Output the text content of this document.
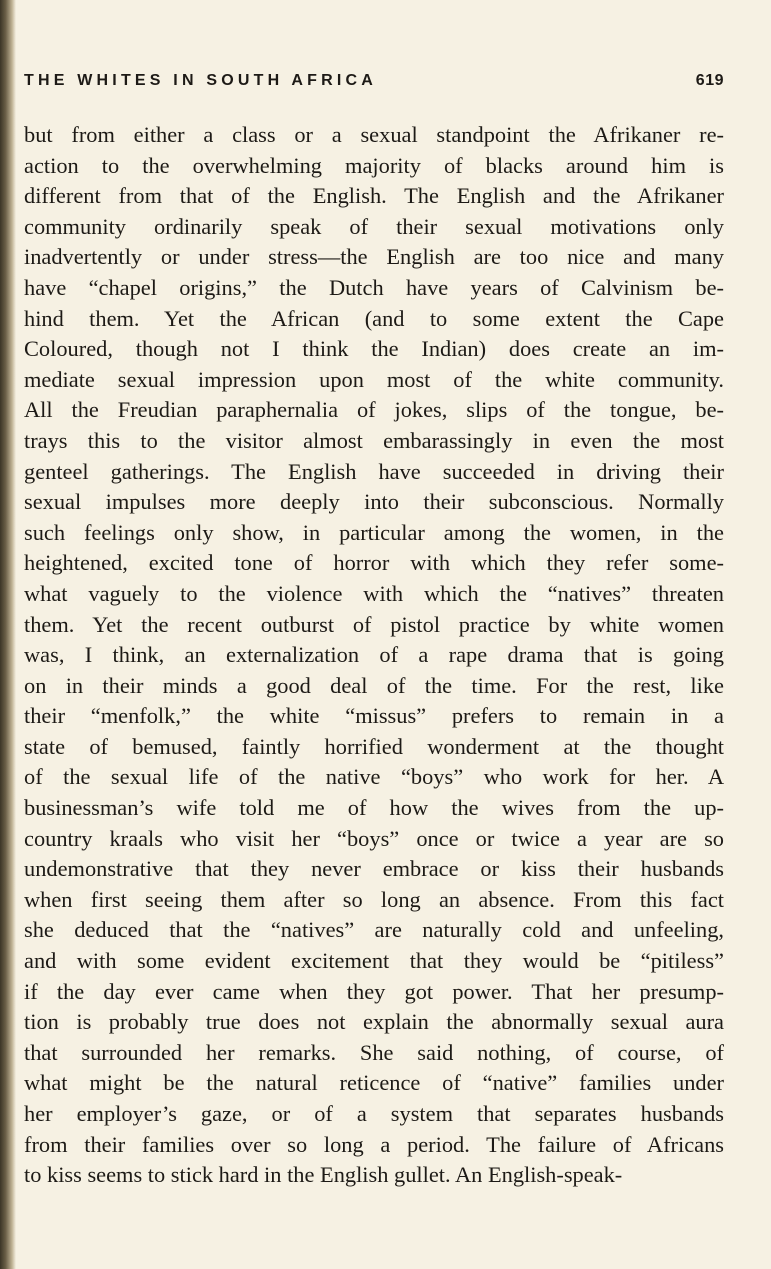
THE WHITES IN SOUTH AFRICA	619
but from either a class or a sexual standpoint the Afrikaner re-
action to the overwhelming majority of blacks around him is
different from that of the English. The English and the Afrikaner
community ordinarily speak of their sexual motivations only
inadvertently or under stress—the English are too nice and many
have “chapel origins,” the Dutch have years of Calvinism be-
hind them. Yet the African (and to some extent the Cape
Coloured, though not I think the Indian) does create an im-
mediate sexual impression upon most of the white community.
All the Freudian paraphernalia of jokes, slips of the tongue, be-
trays this to the visitor almost embarassingly in even the most
genteel gatherings. The English have succeeded in driving their
sexual impulses more deeply into their subconscious. Normally
such feelings only show, in particular among the women, in the
heightened, excited tone of horror with which they refer some-
what vaguely to the violence with which the “natives” threaten
them. Yet the recent outburst of pistol practice by white women
was, I think, an externalization of a rape drama that is going
on in their minds a good deal of the time. For the rest, like
their “menfolk,” the white “missus” prefers to remain in a
state of bemused, faintly horrified wonderment at the thought
of the sexual life of the native “boys” who work for her. A
businessman’s wife told me of how the wives from the up-
country kraals who visit her “boys” once or twice a year are so
undemonstrative that they never embrace or kiss their husbands
when first seeing them after so long an absence. From this fact
she deduced that the “natives” are naturally cold and unfeeling,
and with some evident excitement that they would be “pitiless”
if the day ever came when they got power. That her presump-
tion is probably true does not explain the abnormally sexual aura
that surrounded her remarks. She said nothing, of course, of
what might be the natural reticence of “native” families under
her employer’s gaze, or of a system that separates husbands
from their families over so long a period. The failure of Africans
to kiss seems to stick hard in the English gullet. An English-speak-
